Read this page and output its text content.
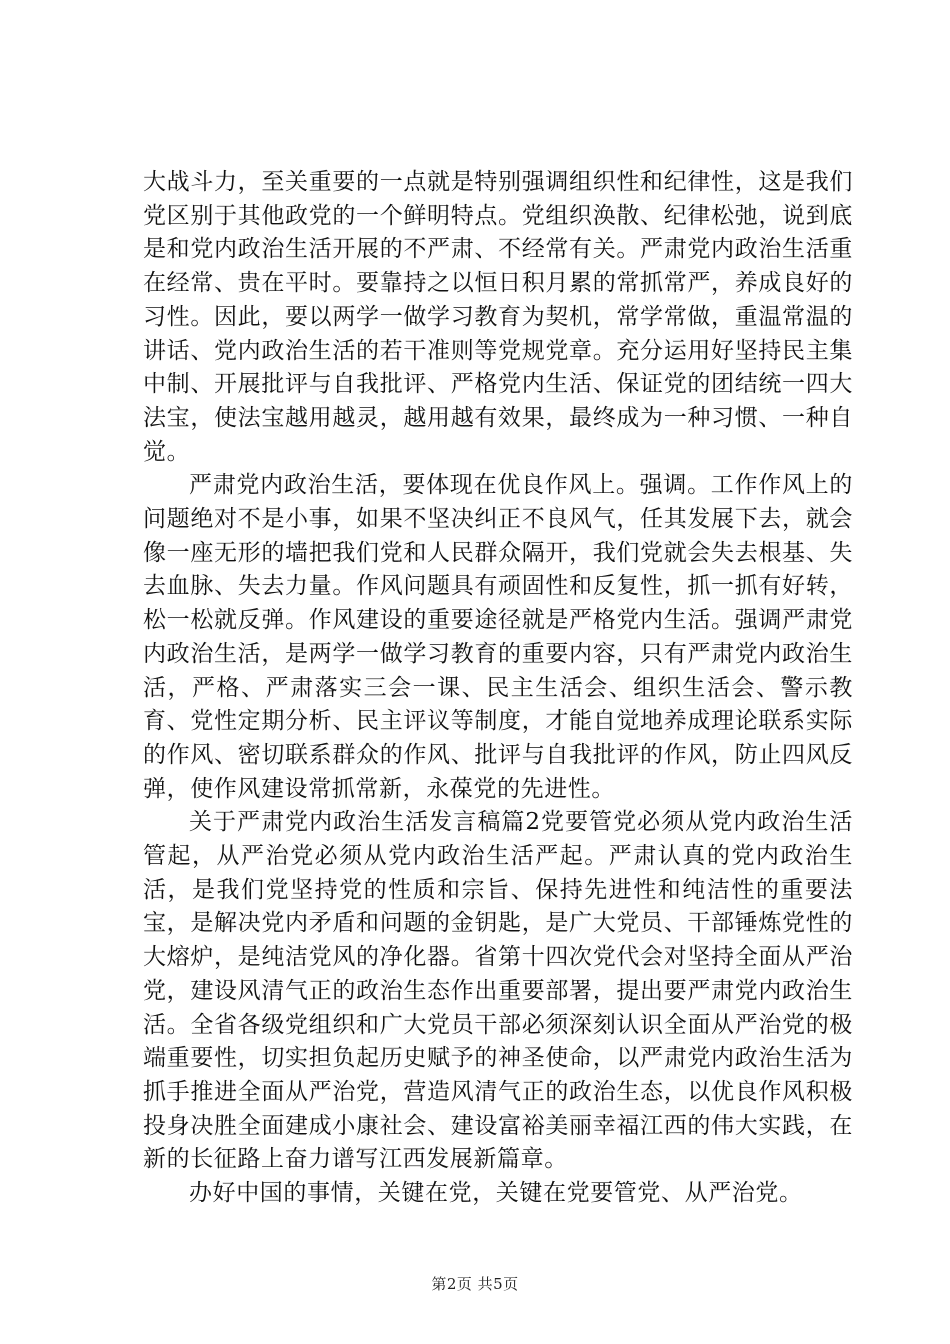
大战斗力，至关重要的一点就是特别强调组织性和纪律性，这是我们党区别于其他政党的一个鲜明特点。党组织涣散、纪律松弛，说到底是和党内政治生活开展的不严肃、不经常有关。严肃党内政治生活重在经常、贵在平时。要靠持之以恒日积月累的常抓常严，养成良好的习性。因此，要以两学一做学习教育为契机，常学常做，重温常温的讲话、党内政治生活的若干准则等党规党章。充分运用好坚持民主集中制、开展批评与自我批评、严格党内生活、保证党的团结统一四大法宝，使法宝越用越灵，越用越有效果，最终成为一种习惯、一种自觉。

严肃党内政治生活，要体现在优良作风上。强调。工作作风上的问题绝对不是小事，如果不坚决纠正不良风气，任其发展下去，就会像一座无形的墙把我们党和人民群众隔开，我们党就会失去根基、失去血脉、失去力量。作风问题具有顽固性和反复性，抓一抓有好转，松一松就反弹。作风建设的重要途径就是严格党内生活。强调严肃党内政治生活，是两学一做学习教育的重要内容，只有严肃党内政治生活，严格、严肃落实三会一课、民主生活会、组织生活会、警示教育、党性定期分析、民主评议等制度，才能自觉地养成理论联系实际的作风、密切联系群众的作风、批评与自我批评的作风，防止四风反弹，使作风建设常抓常新，永葆党的先进性。

关于严肃党内政治生活发言稿篇2党要管党必须从党内政治生活管起，从严治党必须从党内政治生活严起。严肃认真的党内政治生活，是我们党坚持党的性质和宗旨、保持先进性和纯洁性的重要法宝，是解决党内矛盾和问题的金钥匙，是广大党员、干部锤炼党性的大熔炉，是纯洁党风的净化器。省第十四次党代会对坚持全面从严治党，建设风清气正的政治生态作出重要部署，提出要严肃党内政治生活。全省各级党组织和广大党员干部必须深刻认识全面从严治党的极端重要性，切实担负起历史赋予的神圣使命，以严肃党内政治生活为抓手推进全面从严治党，营造风清气正的政治生态，以优良作风积极投身决胜全面建成小康社会、建设富裕美丽幸福江西的伟大实践，在新的长征路上奋力谱写江西发展新篇章。

办好中国的事情，关键在党，关键在党要管党、从严治党。

第2页 共5页
